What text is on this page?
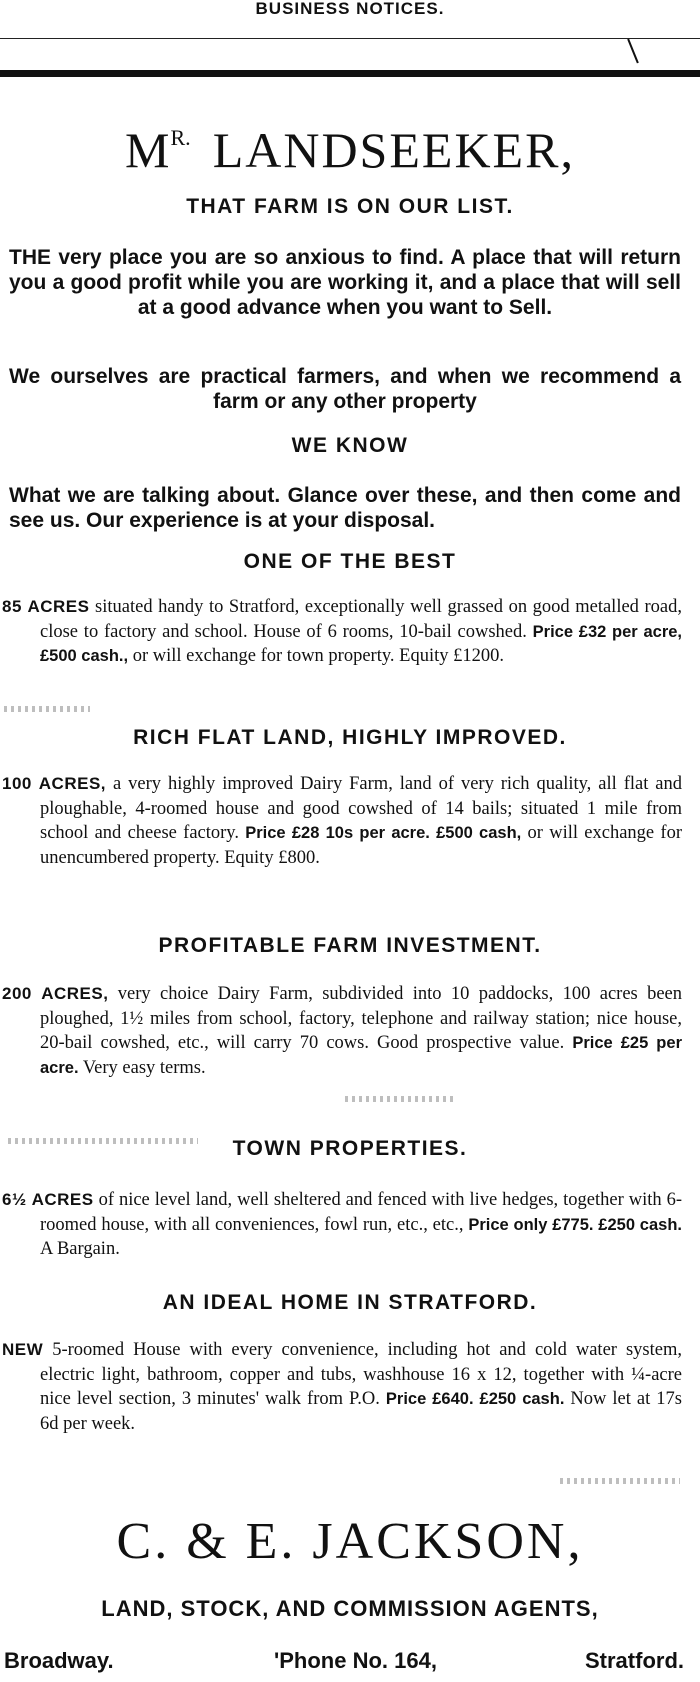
BUSINESS NOTICES.
$M^{R.}$ LANDSEEKER,
THAT FARM IS ON OUR LIST.
THE very place you are so anxious to find. A place that will return you a good profit while you are working it, and a place that will sell at a good advance when you want to Sell.
We ourselves are practical farmers, and when we recommend a farm or any other property
WE KNOW
What we are talking about. Glance over these, and then come and see us. Our experience is at your disposal.
ONE OF THE BEST
85 ACRES situated handy to Stratford, exceptionally well grassed on good metalled road, close to factory and school. House of 6 rooms, 10-bail cowshed. Price £32 per acre, £500 cash., or will exchange for town property. Equity £1200.
RICH FLAT LAND, HIGHLY IMPROVED.
100 ACRES, a very highly improved Dairy Farm, land of very rich quality, all flat and ploughable, 4-roomed house and good cowshed of 14 bails; situated 1 mile from school and cheese factory. Price £28 10s per acre. £500 cash, or will exchange for unencumbered property. Equity £800.
PROFITABLE FARM INVESTMENT.
200 ACRES, very choice Dairy Farm, subdivided into 10 paddocks, 100 acres been ploughed, 1½ miles from school, factory, telephone and railway station; nice house, 20-bail cowshed, etc., will carry 70 cows. Good prospective value. Price £25 per acre. Very easy terms.
TOWN PROPERTIES.
6½ ACRES of nice level land, well sheltered and fenced with live hedges, together with 6-roomed house, with all conveniences, fowl run, etc., etc., Price only £775. £250 cash. A Bargain.
AN IDEAL HOME IN STRATFORD.
NEW 5-roomed House with every convenience, including hot and cold water system, electric light, bathroom, copper and tubs, washhouse 16 x 12, together with ¼-acre nice level section, 3 minutes' walk from P.O. Price £640. £250 cash. Now let at 17s 6d per week.
C. & E. JACKSON,
LAND, STOCK, AND COMMISSION AGENTS,
Broadway.	'Phone No. 164,	Stratford.
